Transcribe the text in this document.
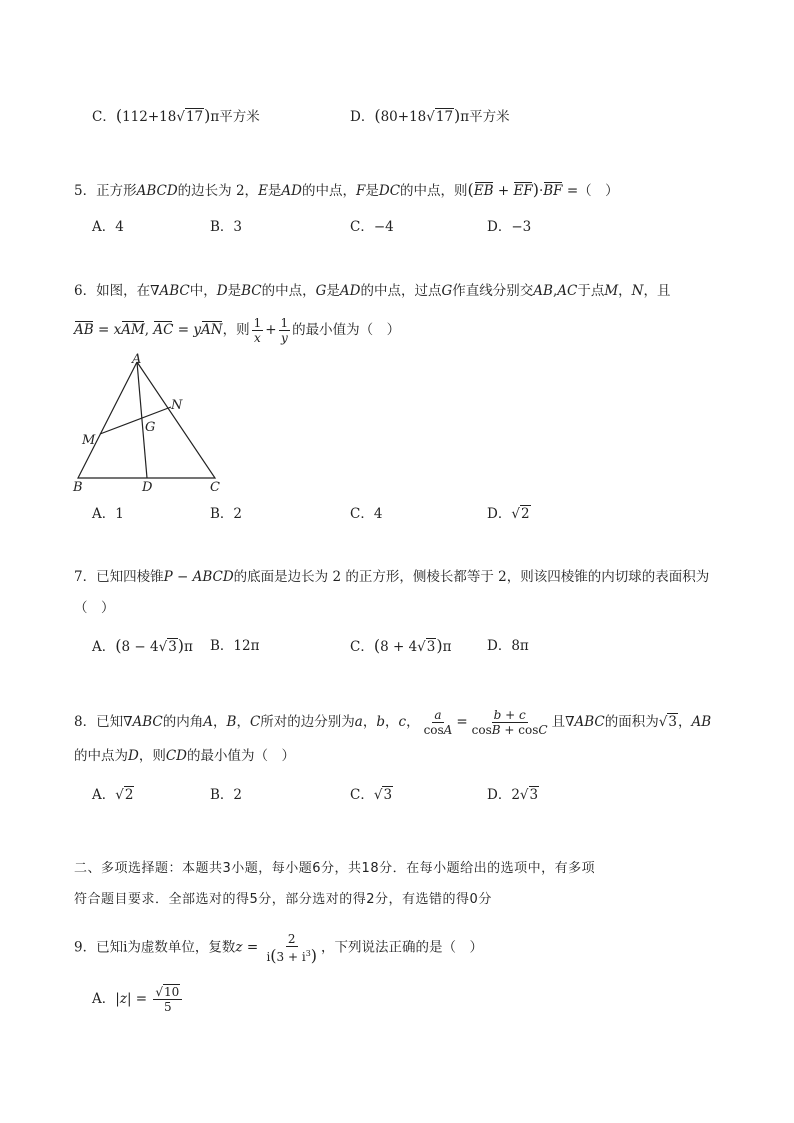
C．(112+18√17)π平方米	D．(80+18√17)π平方米
5．正方形ABCD的边长为 2，E是AD的中点，F是DC的中点，则(EB + EF)·BF =（　）
A．4	B．3	C．−4	D．−3
6．如图，在∇ABC中，D是BC的中点，G是AD的中点，过点G作直线分别交AB,AC于点M，N，且
AB = xAM, AC = yAN，则 $\frac{1}{x} + \frac{1}{y}$ 的最小值为（　）
A
B	D	C
G
M
N
A．1	B．2	C．4	D．√2
7．已知四棱锥P − ABCD的底面是边长为 2 的正方形，侧棱长都等于 2，则该四棱锥的内切球的表面积为
（　）
A．(8 − 4√3)π B．12π	C．(8 + 4√3)π	D．8π
8．已知∇ABC的内角A，B，C所对的边分别为a，b，c， $\frac{a}{\cos A} = \frac{b + c}{\cos B + \cos C}$ 且∇ABC的面积为√3，AB
的中点为D，则CD的最小值为（　）
A．√2	B．2	C．√3	D．2√3
二、多项选择题：本题共3小题，每小题6分，共18分．在每小题给出的选项中，有多项
符合题目要求．全部选对的得5分，部分选对的得2分，有选错的得0分
9．已知i为虚数单位，复数$z = \frac{2}{i(3 + i^3)}$ ，下列说法正确的是（　）
A．$|z| = \frac{√10}{5}$
